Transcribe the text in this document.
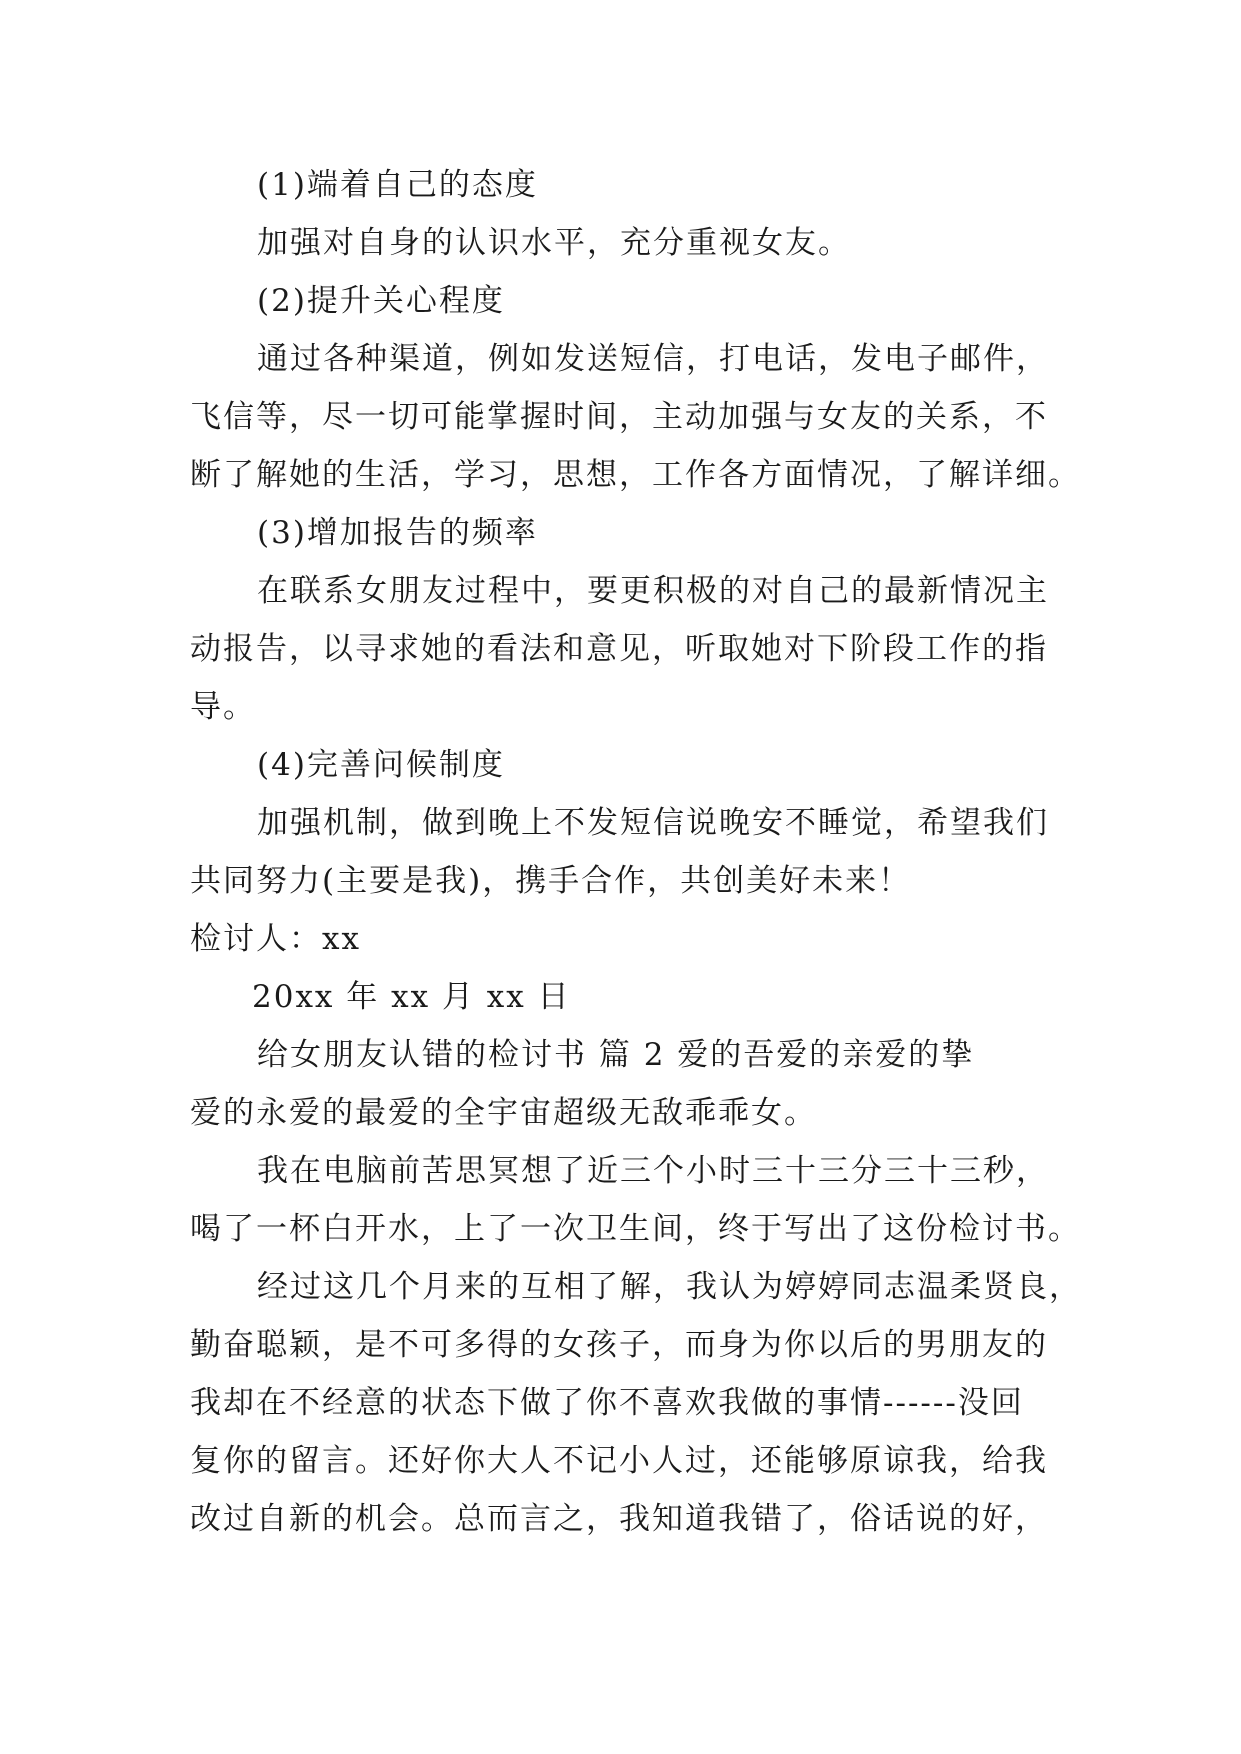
(1)端着自己的态度
加强对自身的认识水平，充分重视女友。
(2)提升关心程度
通过各种渠道，例如发送短信，打电话，发电子邮件，
飞信等，尽一切可能掌握时间，主动加强与女友的关系，不
断了解她的生活，学习，思想，工作各方面情况，了解详细。
(3)增加报告的频率
在联系女朋友过程中，要更积极的对自己的最新情况主
动报告，以寻求她的看法和意见，听取她对下阶段工作的指
导。
(4)完善问候制度
加强机制，做到晚上不发短信说晚安不睡觉，希望我们
共同努力(主要是我)，携手合作，共创美好未来！
检讨人：xx
20xx 年 xx 月 xx 日
给女朋友认错的检讨书 篇 2 爱的吾爱的亲爱的挚
爱的永爱的最爱的全宇宙超级无敌乖乖女。
我在电脑前苦思冥想了近三个小时三十三分三十三秒，
喝了一杯白开水，上了一次卫生间，终于写出了这份检讨书。
经过这几个月来的互相了解，我认为婷婷同志温柔贤良，
勤奋聪颖，是不可多得的女孩子，而身为你以后的男朋友的
我却在不经意的状态下做了你不喜欢我做的事情------没回
复你的留言。还好你大人不记小人过，还能够原谅我，给我
改过自新的机会。总而言之，我知道我错了，俗话说的好，
